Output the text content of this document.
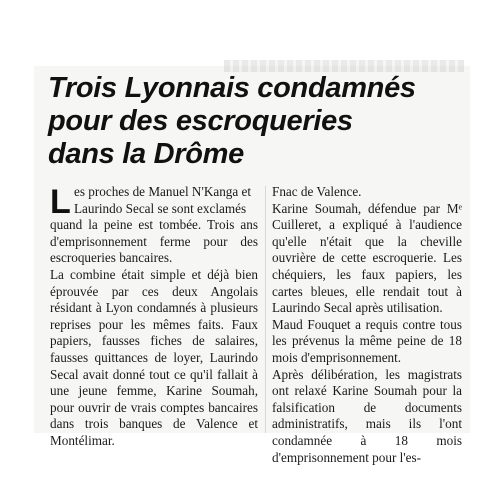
Trois Lyonnais condamnés
pour des escroqueries
dans la Drôme
L es proches de Manuel N'Kanga et
Laurindo Secal se sont exclamés

quand la peine est tombée. Trois ans d'emprisonnement ferme pour des escroqueries bancaires.

La combine était simple et déjà bien éprouvée par ces deux Angolais résidant à Lyon condamnés à plusieurs reprises pour les mêmes faits. Faux papiers, fausses fiches de salaires, fausses quittances de loyer, Laurindo Secal avait donné tout ce qu'il fallait à une jeune femme, Karine Soumah, pour ouvrir de vrais comptes bancaires dans trois banques de Valence et Montélimar.

Fnac de Valence.

Karine Soumah, défendue par Mᵉ Cuilleret, a expliqué à l'audience qu'elle n'était que la cheville ouvrière de cette escroquerie. Les chéquiers, les faux papiers, les cartes bleues, elle rendait tout à Laurindo Secal après utilisation.

Maud Fouquet a requis contre tous les prévenus la même peine de 18 mois d'emprisonnement.

Après délibération, les magistrats ont relaxé Karine Soumah pour la falsification de documents administratifs, mais ils l'ont condamnée à 18 mois d'emprisonnement pour l'es-
